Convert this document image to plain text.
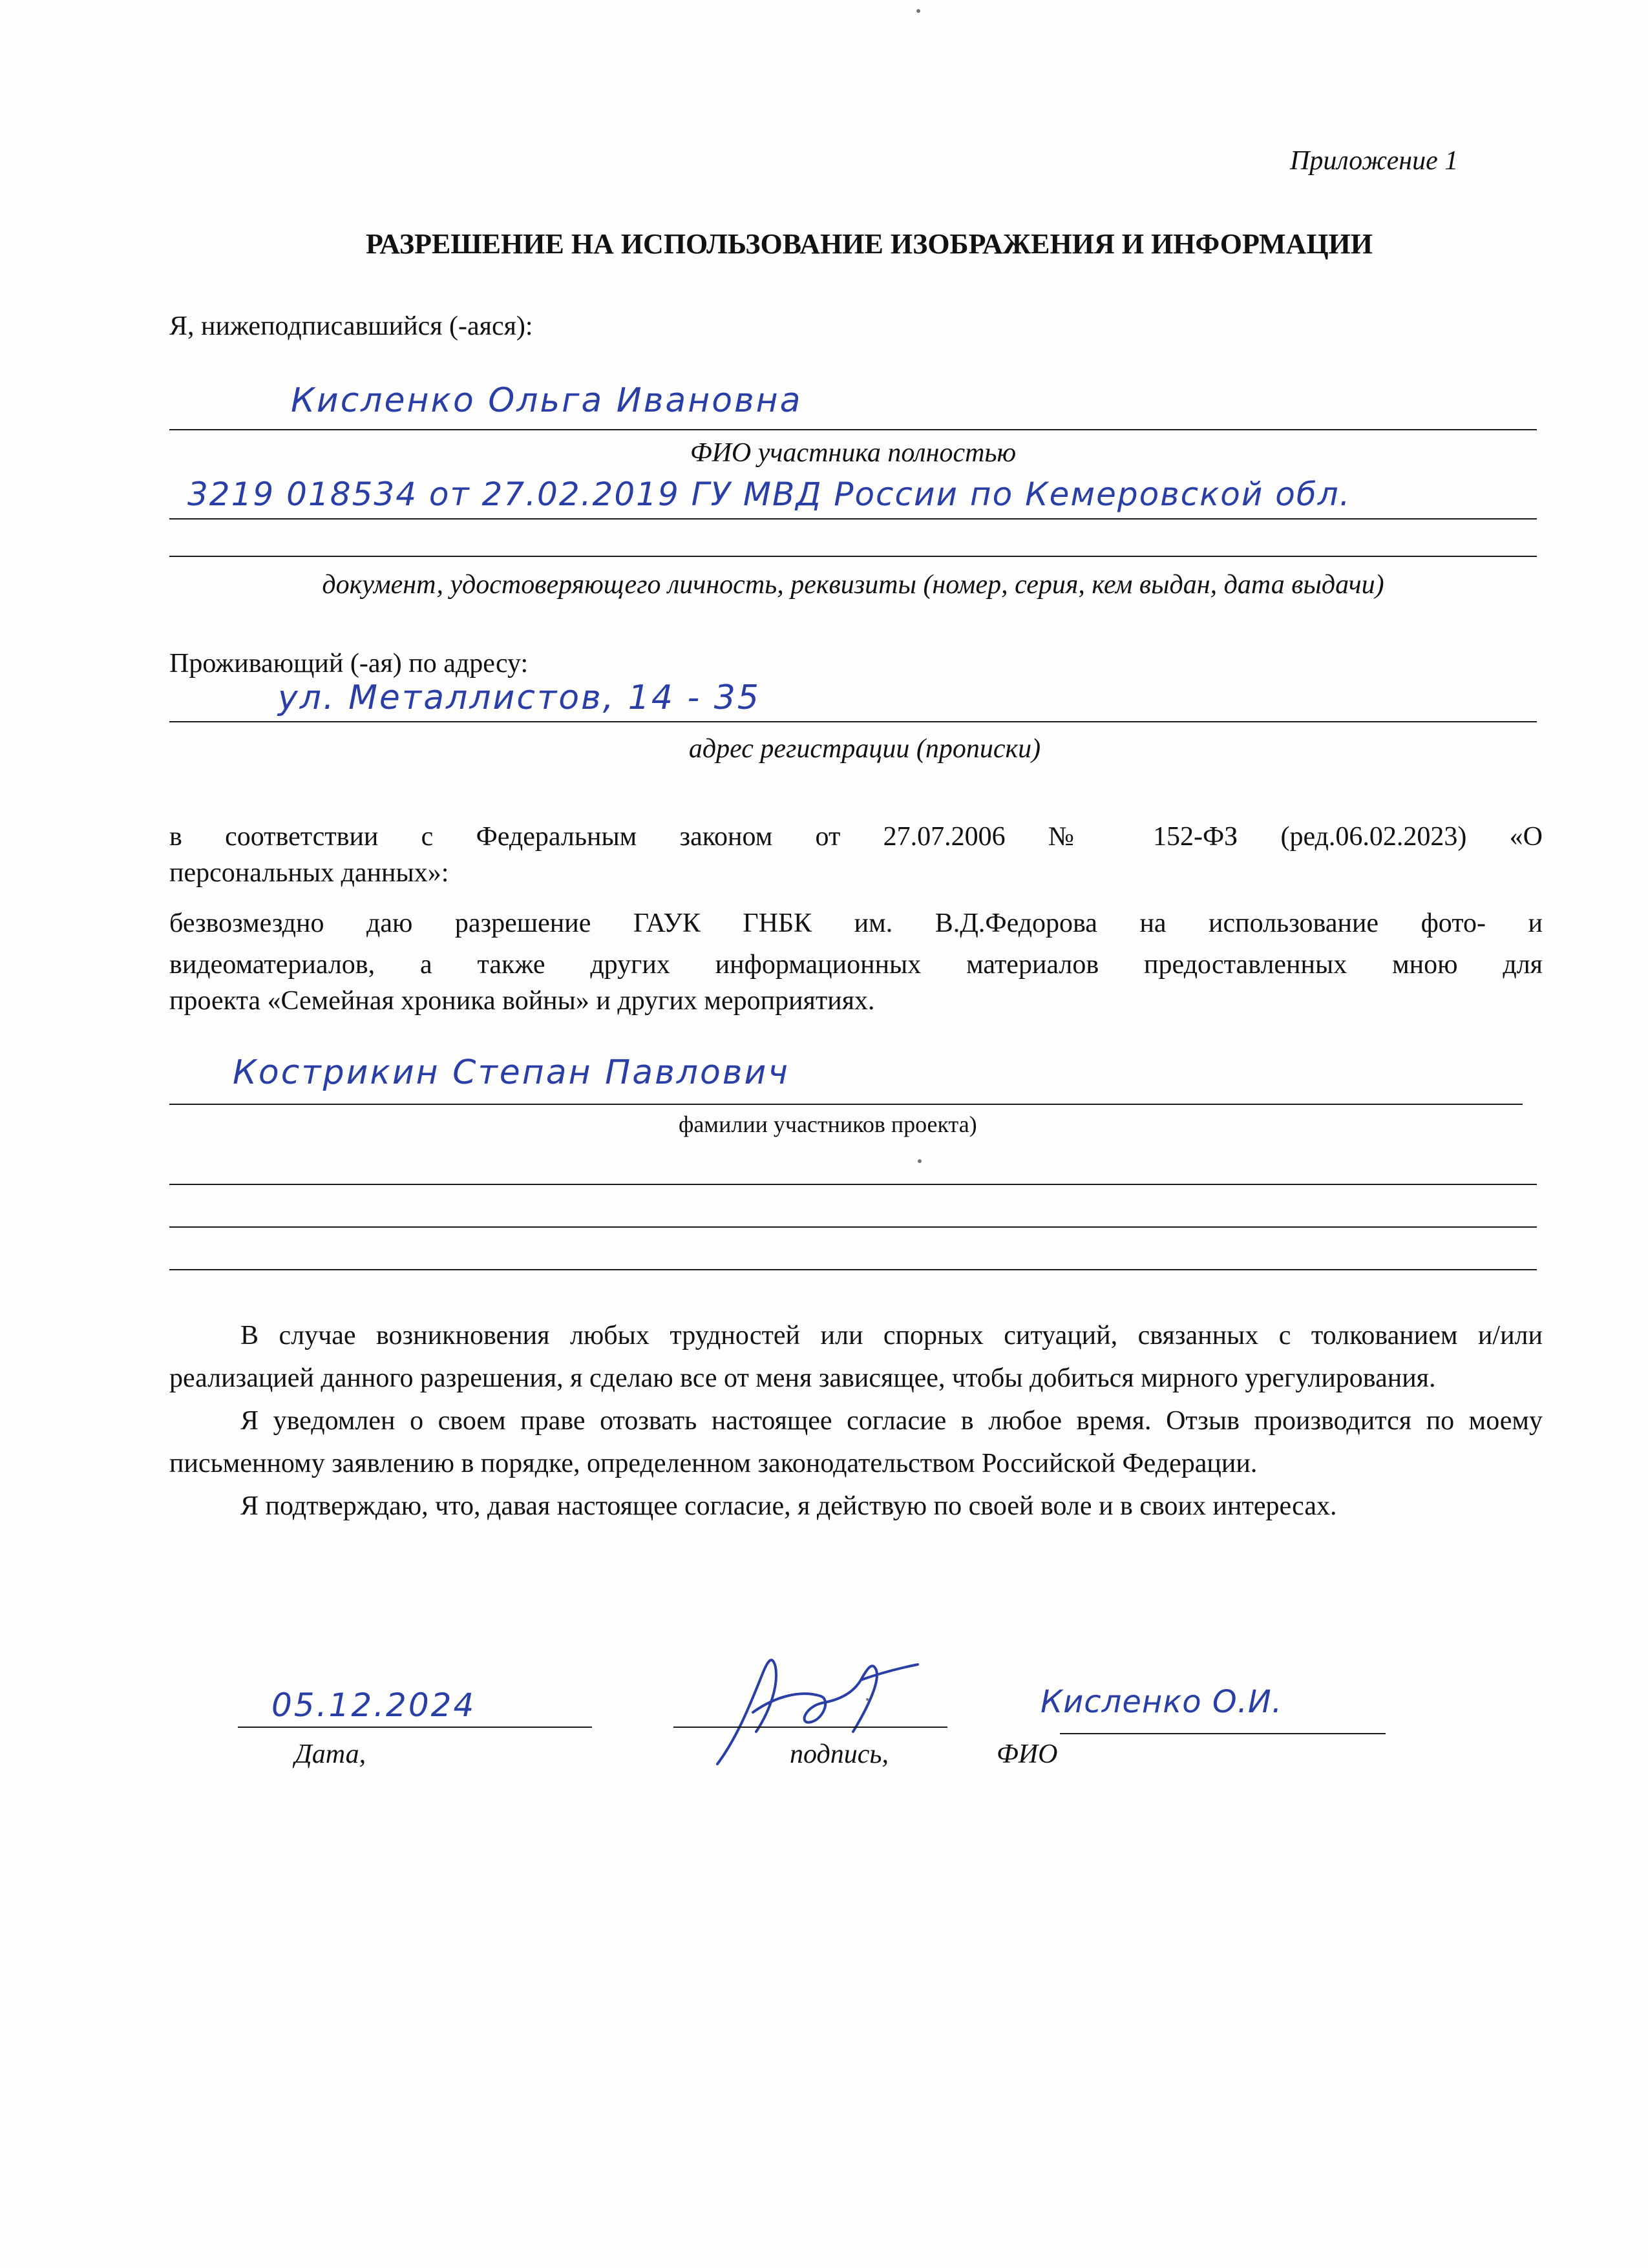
Приложение 1
РАЗРЕШЕНИЕ НА ИСПОЛЬЗОВАНИЕ ИЗОБРАЖЕНИЯ И ИНФОРМАЦИИ
Я, нижеподписавшийся (-аяся):
Кисленко Ольга Ивановна
ФИО участника полностью
3219 018534 от 27.02.2019 ГУ МВД России по Кемеровской обл.
документ, удостоверяющего личность, реквизиты (номер, серия, кем выдан, дата выдачи)
Проживающий (-ая) по адресу:
ул. Металлистов, 14 - 35
адрес регистрации (прописки)
в соответствии с Федеральным законом от 27.07.2006 № 152-ФЗ (ред.06.02.2023) «О
персональных данных»:
безвозмездно даю разрешение ГАУК ГНБК им. В.Д.Федорова на использование фото- и
видеоматериалов, а также других информационных материалов предоставленных мною для
проекта «Семейная хроника войны» и других мероприятиях.
Кострикин Степан Павлович
фамилии участников проекта)

В случае возникновения любых трудностей или спорных ситуаций, связанных с толкованием и/или реализацией данного разрешения, я сделаю все от меня зависящее, чтобы добиться мирного урегулирования.

Я уведомлен о своем праве отозвать настоящее согласие в любое время. Отзыв производится по моему письменному заявлению в порядке, определенном законодательством Российской Федерации.

Я подтверждаю, что, давая настоящее согласие, я действую по своей воле и в своих интересах.

05.12.2024
Дата,	подпись,
Кисленко О.И.
ФИО
